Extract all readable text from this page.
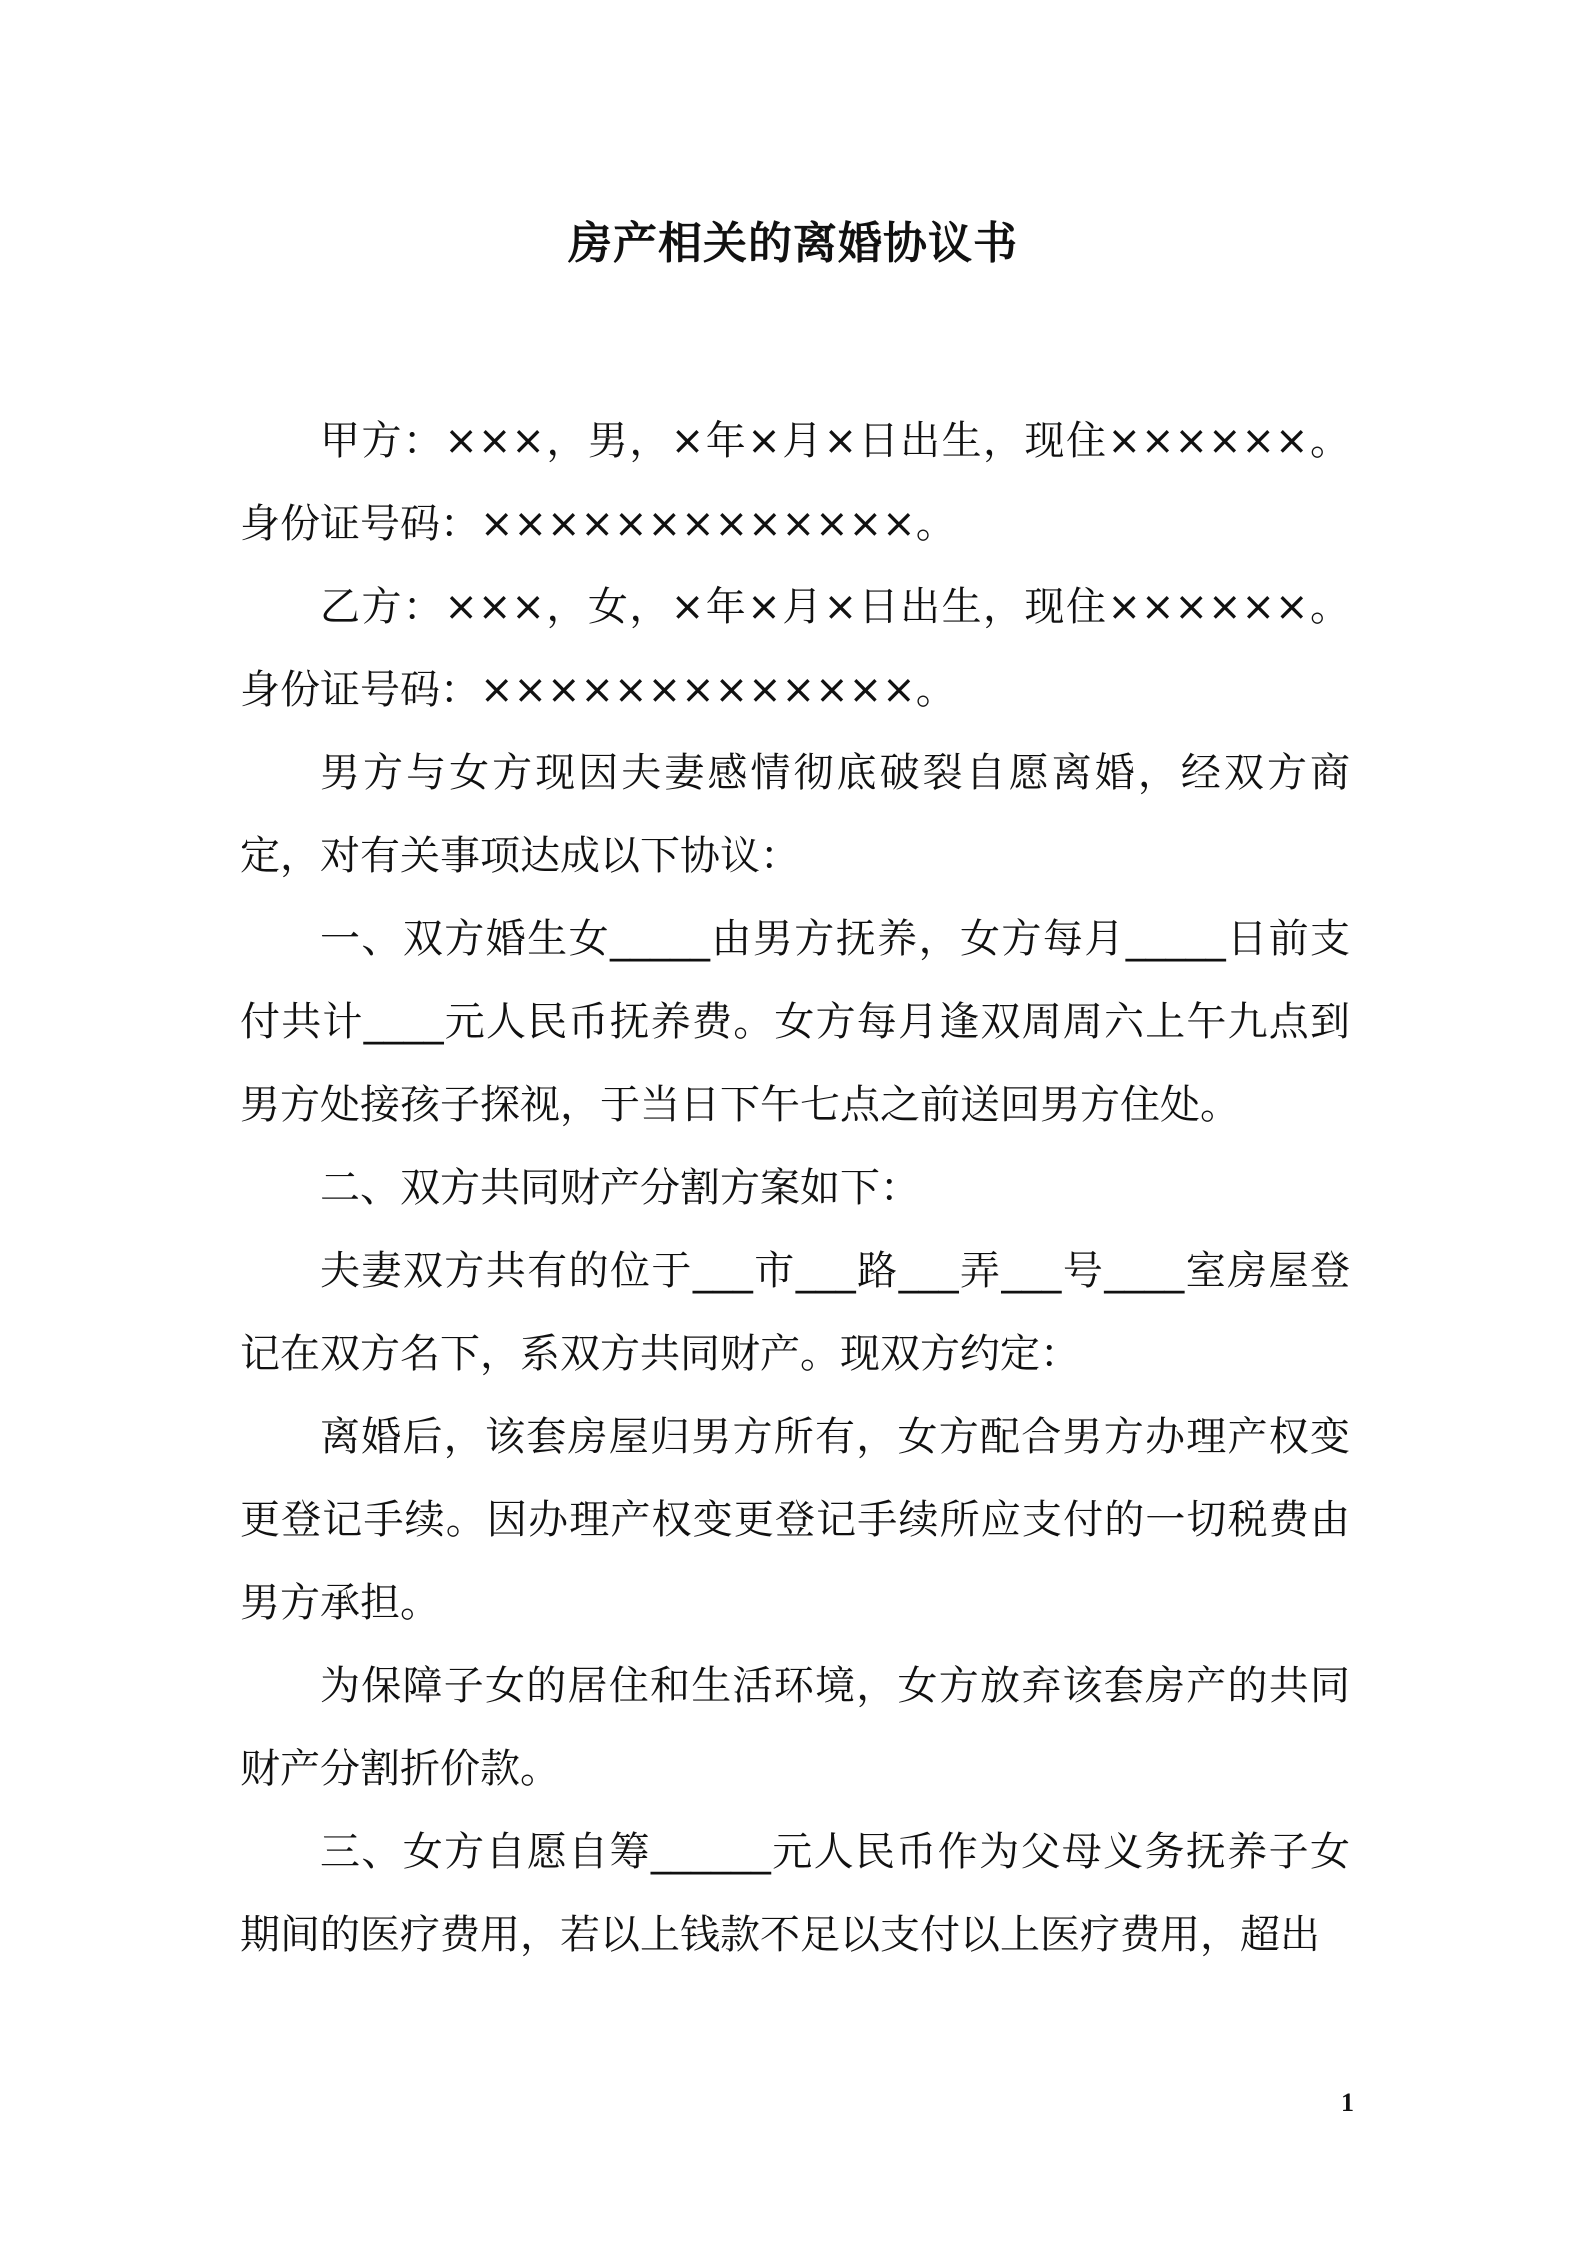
房产相关的离婚协议书

甲方：×××，男，×年×月×日出生，现住××××××。身份证号码：×××××××××××××。

乙方：×××，女，×年×月×日出生，现住××××××。身份证号码：×××××××××××××。

男方与女方现因夫妻感情彻底破裂自愿离婚，经双方商定，对有关事项达成以下协议：

一、双方婚生女_____由男方抚养，女方每月_____日前支付共计____元人民币抚养费。女方每月逢双周周六上午九点到男方处接孩子探视，于当日下午七点之前送回男方住处。

二、双方共同财产分割方案如下：

夫妻双方共有的位于___市___路___弄___号____室房屋登记在双方名下，系双方共同财产。现双方约定：

离婚后，该套房屋归男方所有，女方配合男方办理产权变更登记手续。因办理产权变更登记手续所应支付的一切税费由男方承担。

为保障子女的居住和生活环境，女方放弃该套房产的共同财产分割折价款。

三、女方自愿自筹______元人民币作为父母义务抚养子女期间的医疗费用，若以上钱款不足以支付以上医疗费用，超出

1
